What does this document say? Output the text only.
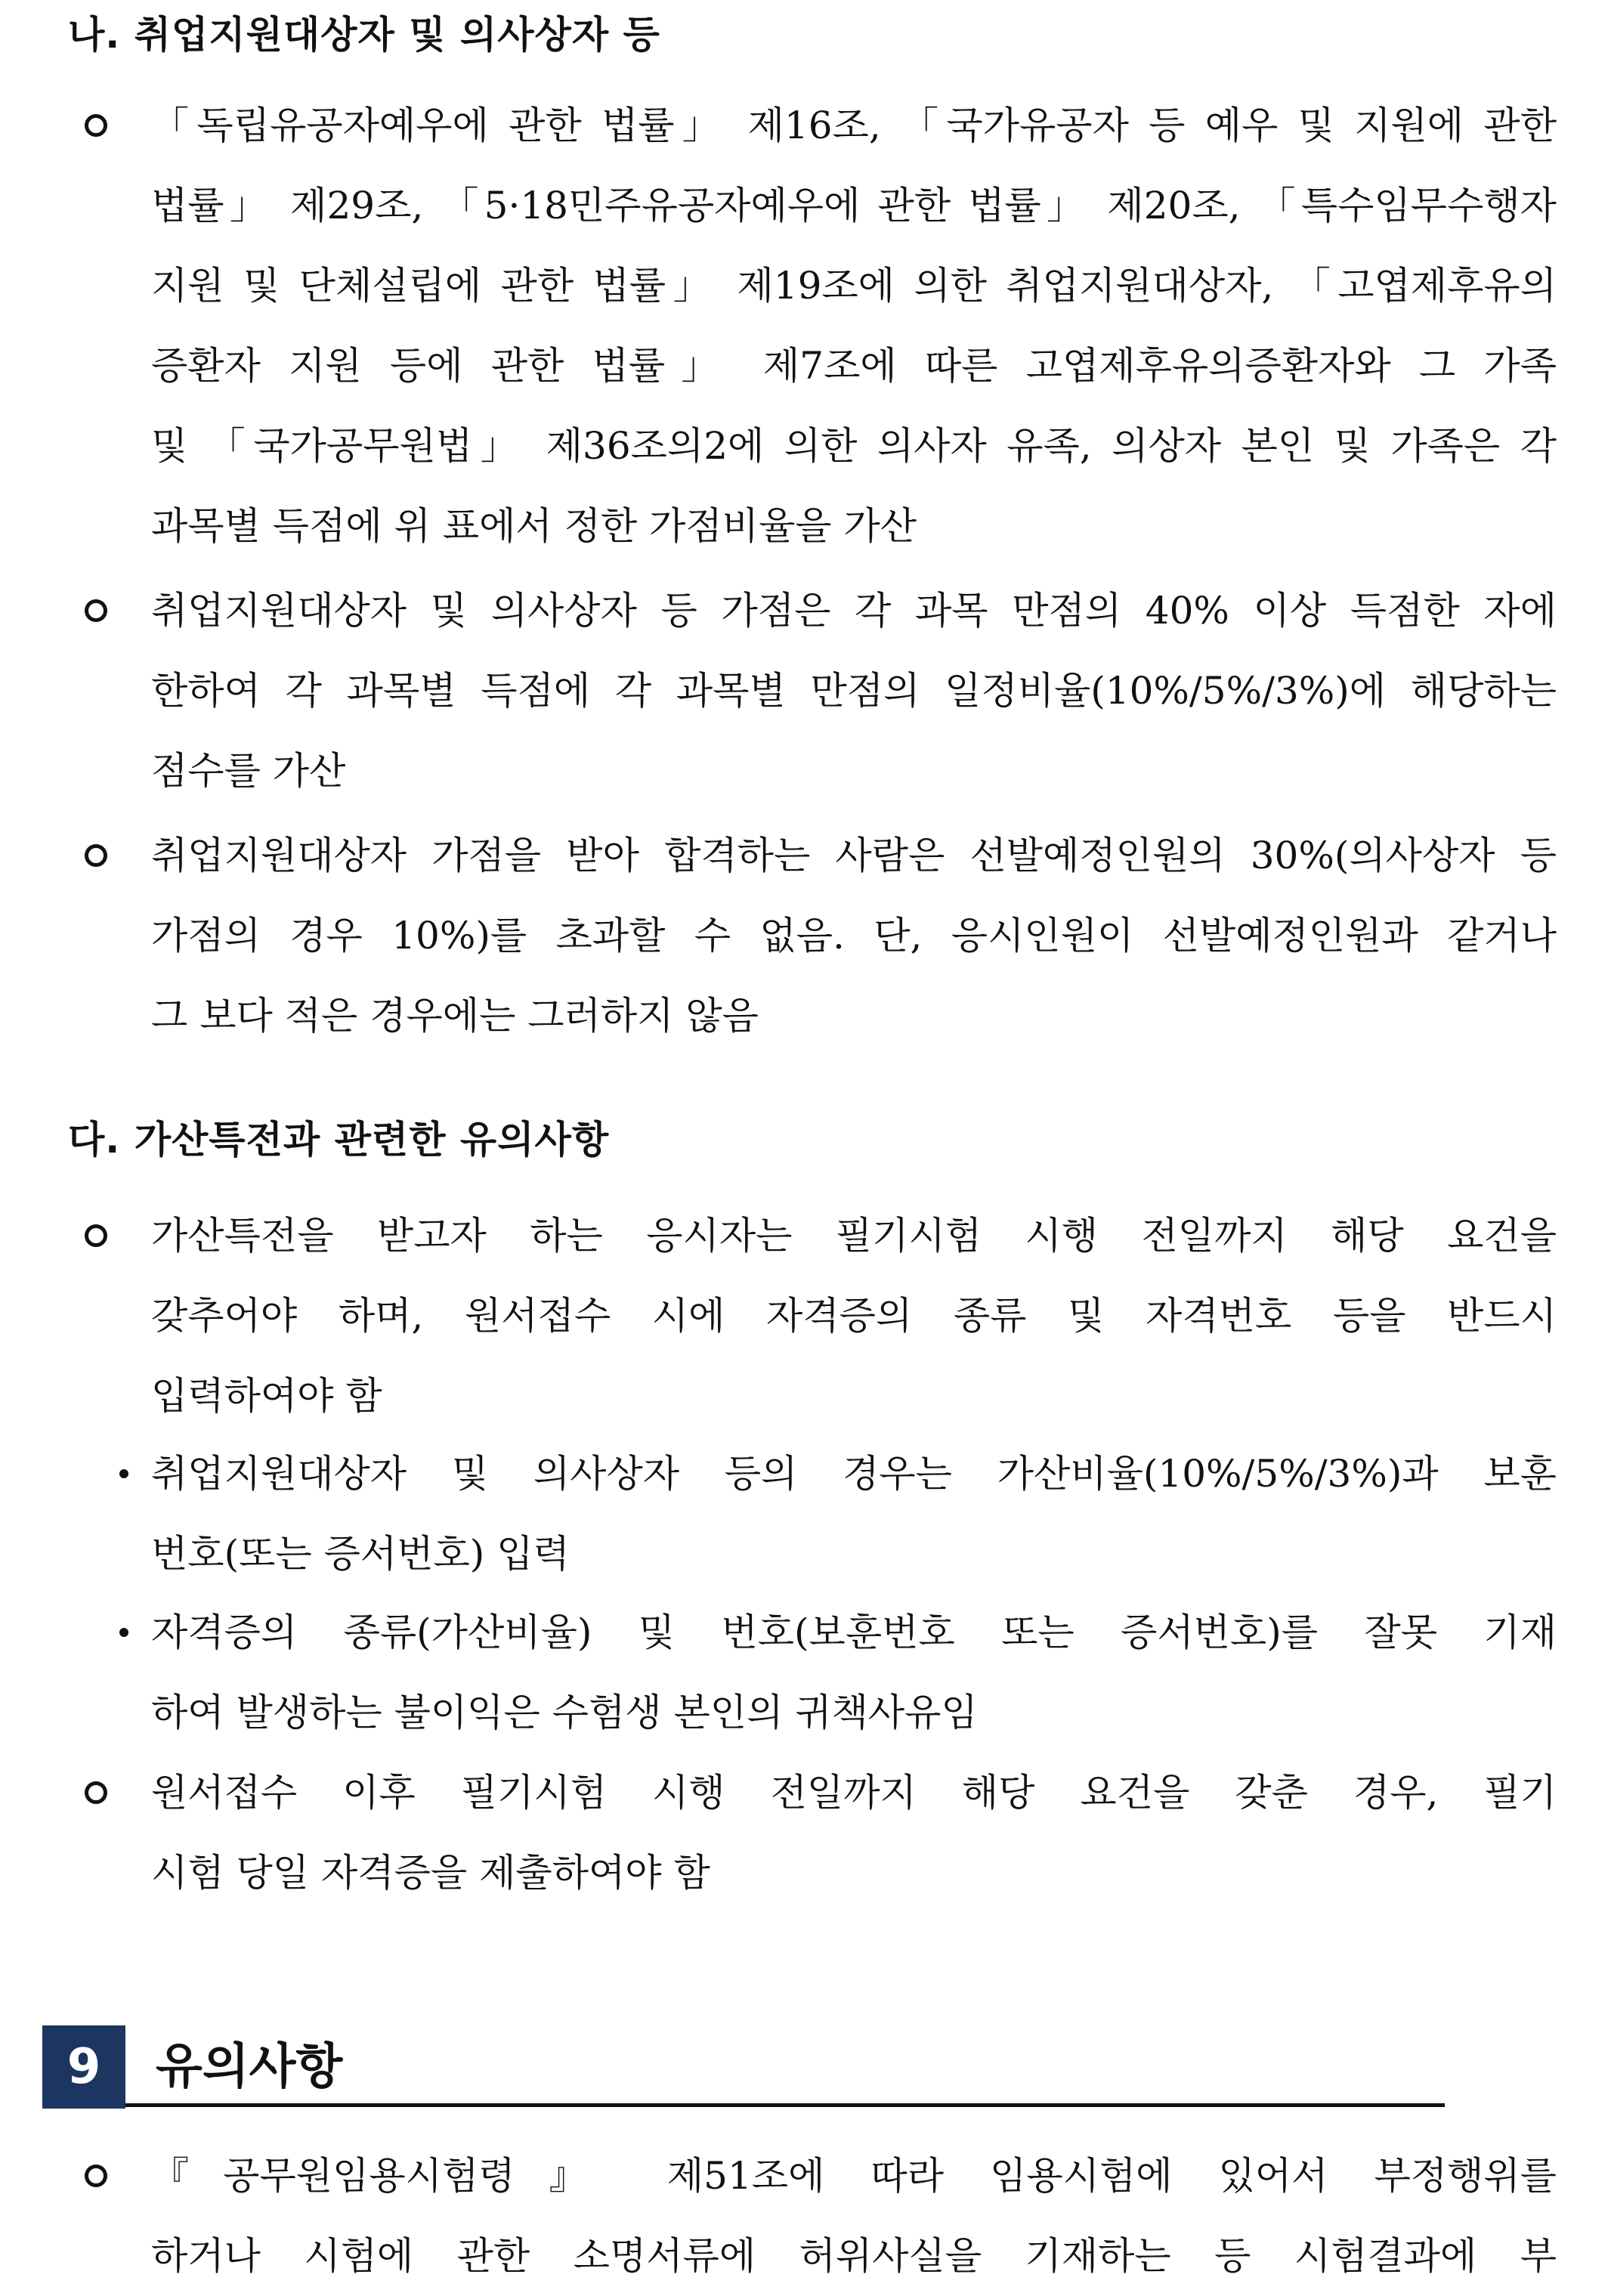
나. 취업지원대상자 및 의사상자 등
「독립유공자예우에 관한 법률」 제16조, 「국가유공자 등 예우 및 지원에 관한
법률」 제29조, 「5·18민주유공자예우에 관한 법률」 제20조, 「특수임무수행자
지원 및 단체설립에 관한 법률」 제19조에 의한 취업지원대상자, 「고엽제후유의
증환자 지원 등에 관한 법률」 제7조에 따른 고엽제후유의증환자와 그 가족
및 「국가공무원법」 제36조의2에 의한 의사자 유족, 의상자 본인 및 가족은 각
과목별 득점에 위 표에서 정한 가점비율을 가산
취업지원대상자 및 의사상자 등 가점은 각 과목 만점의 40% 이상 득점한 자에
한하여 각 과목별 득점에 각 과목별 만점의 일정비율(10%/5%/3%)에 해당하는
점수를 가산
취업지원대상자 가점을 받아 합격하는 사람은 선발예정인원의 30%(의사상자 등
가점의 경우 10%)를 초과할 수 없음. 단, 응시인원이 선발예정인원과 같거나
그 보다 적은 경우에는 그러하지 않음
다. 가산특전과 관련한 유의사항
가산특전을 받고자 하는 응시자는 필기시험 시행 전일까지 해당 요건을
갖추어야 하며, 원서접수 시에 자격증의 종류 및 자격번호 등을 반드시
입력하여야 함
취업지원대상자 및 의사상자 등의 경우는 가산비율(10%/5%/3%)과 보훈
번호(또는 증서번호) 입력
자격증의 종류(가산비율) 및 번호(보훈번호 또는 증서번호)를 잘못 기재
하여 발생하는 불이익은 수험생 본인의 귀책사유임
원서접수 이후 필기시험 시행 전일까지 해당 요건을 갖춘 경우, 필기
시험 당일 자격증을 제출하여야 함
9	유의사항
『공무원임용시험령』 제51조에 따라 임용시험에 있어서 부정행위를
하거나 시험에 관한 소명서류에 허위사실을 기재하는 등 시험결과에 부
